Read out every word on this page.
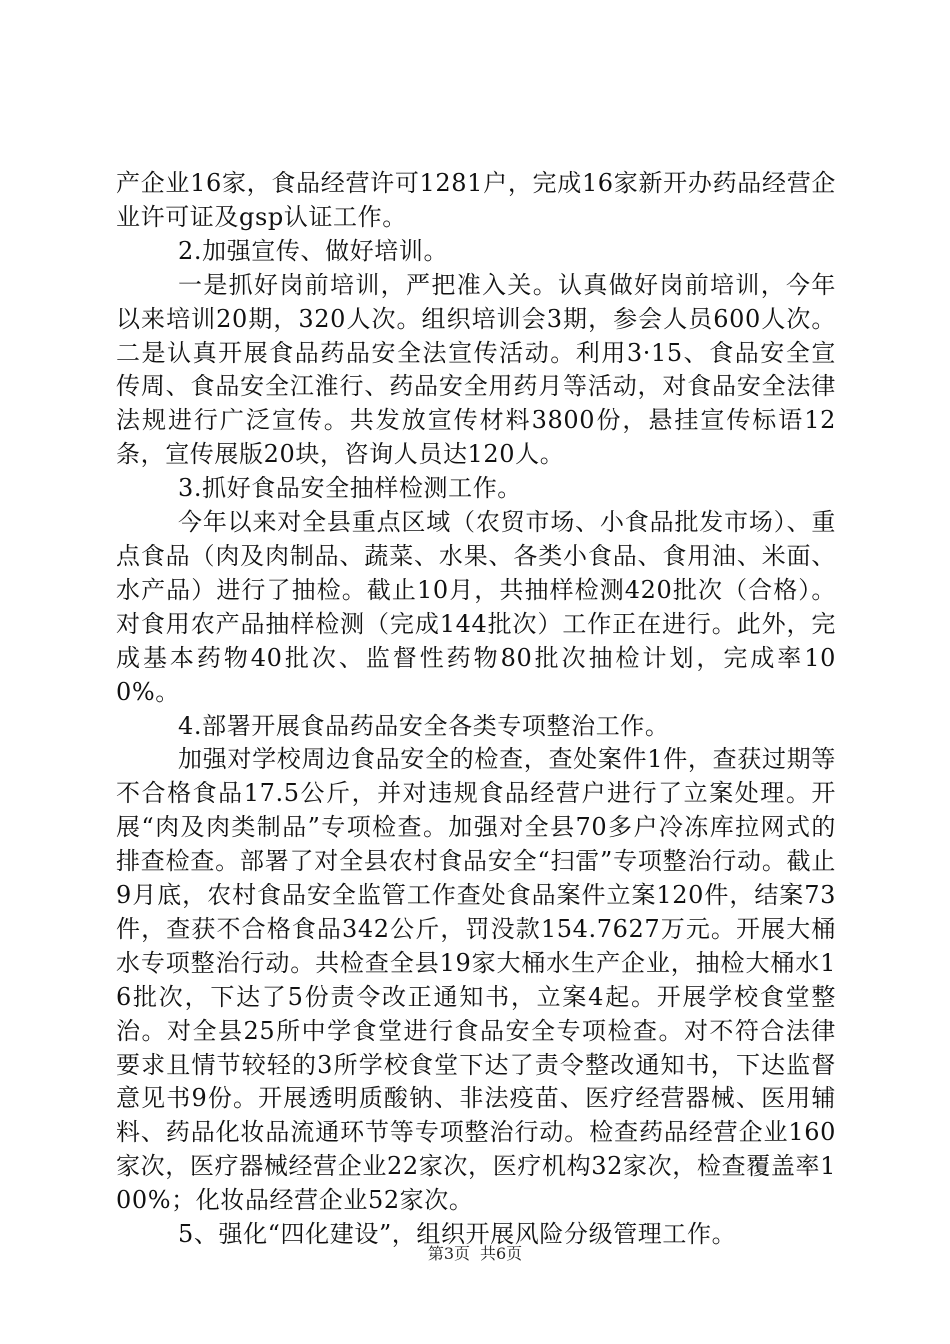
产企业16家，食品经营许可1281户，完成16家新开办药品经营企业许可证及gsp认证工作。

2.加强宣传、做好培训。

一是抓好岗前培训，严把准入关。认真做好岗前培训，今年以来培训20期，320人次。组织培训会3期，参会人员600人次。二是认真开展食品药品安全法宣传活动。利用3·15、食品安全宣传周、食品安全江淮行、药品安全用药月等活动，对食品安全法律法规进行广泛宣传。共发放宣传材料3800份，悬挂宣传标语12条，宣传展版20块，咨询人员达120人。

3.抓好食品安全抽样检测工作。

今年以来对全县重点区域（农贸市场、小食品批发市场）、重点食品（肉及肉制品、蔬菜、水果、各类小食品、食用油、米面、水产品）进行了抽检。截止10月，共抽样检测420批次（合格）。对食用农产品抽样检测（完成144批次）工作正在进行。此外，完成基本药物40批次、监督性药物80批次抽检计划，完成率100%。

4.部署开展食品药品安全各类专项整治工作。

加强对学校周边食品安全的检查，查处案件1件，查获过期等不合格食品17.5公斤，并对违规食品经营户进行了立案处理。开展“肉及肉类制品”专项检查。加强对全县70多户冷冻库拉网式的排查检查。部署了对全县农村食品安全“扫雷”专项整治行动。截止9月底，农村食品安全监管工作查处食品案件立案120件，结案73件，查获不合格食品342公斤，罚没款154.7627万元。开展大桶水专项整治行动。共检查全县19家大桶水生产企业，抽检大桶水16批次，下达了5份责令改正通知书，立案4起。开展学校食堂整治。对全县25所中学食堂进行食品安全专项检查。对不符合法律要求且情节较轻的3所学校食堂下达了责令整改通知书，下达监督意见书9份。开展透明质酸钠、非法疫苗、医疗经营器械、医用辅料、药品化妆品流通环节等专项整治行动。检查药品经营企业160家次，医疗器械经营企业22家次，医疗机构32家次，检查覆盖率100%；化妆品经营企业52家次。

5、强化“四化建设”，组织开展风险分级管理工作。

第3页 共6页
